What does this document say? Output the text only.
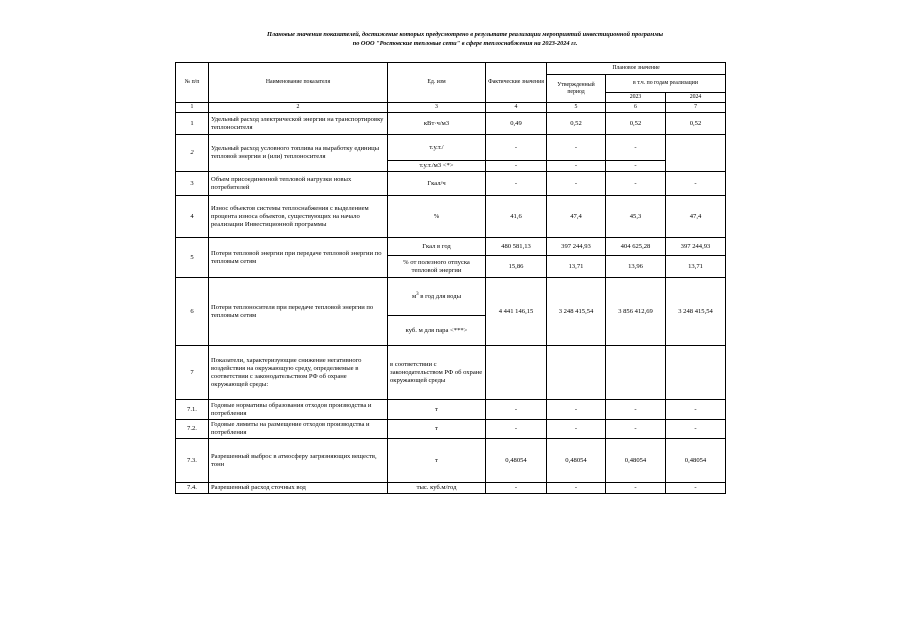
Плановые значения показателей, достижение которых предусмотрено в результате реализации мероприятий инвестиционной программы
по ООО "Ростовские тепловые сети" в сфере теплоснабжения на 2023-2024 гг.
№ п/п	Наименование показателя	Ед. изм	Фактические значения	Плановое значение		
				Утвержденный период	в т.ч. по годам реализации	
					2023	2024
1	2	3	4	5	6	7
1	Удельный расход электрической энергии на транспортировку теплоносителя	кВт·ч/м3	0,49	0,52	0,52	0,52
2	Удельный расход условного топлива на выработку единицы тепловой энергии и (или) теплоносителя	т.у.т./	-	-	-	
		т.у.т./м3 <*>	-	-	-	
3	Объем присоединенной тепловой нагрузки новых потребителей	Гкал/ч	-	-	-	-
4	Износ объектов системы теплоснабжения с выделением процента износа объектов, существующих на начало реализации Инвестиционной программы	%	41,6	47,4	45,3	47,4
5	Потери тепловой энергии при передаче тепловой энергии по тепловым сетям	Гкал в год	480 581,13	397 244,93	404 625,28	397 244,93
		% от полезного отпуска тепловой энергии	15,86	13,71	13,96	13,71
6	Потери теплоносителя при передаче тепловой энергии по тепловым сетям	$м^3$ в год для воды	4 441 146,15	3 248 415,54	3 856 412,69	3 248 415,54
		куб. м для пара <***>				
7	Показатели, характеризующие снижение негативного воздействия на окружающую среду, определяемые в соответствии с законодательством РФ об охране окружающей среды:	в соответствии с законодательством РФ об охране окружающей среды				
7.1.	Годовые нормативы образования отходов производства и потребления	т	-	-	-	-
7.2.	Годовые лимиты на размещение отходов производства и потребления	т	-	-	-	-
7.3.	Разрешенный выброс в атмосферу загрязняющих веществ, тонн	т	0,48054	0,48054	0,48054	0,48054
7.4.	Разрешенный расход сточных вод	тыс. куб.м/год	-	-	-	-
